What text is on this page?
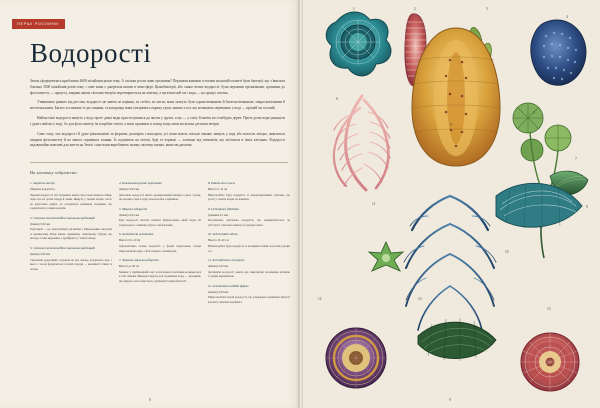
ПЕРШІ РОСЛИНИ
Водорості

Земля сформувалась приблизно 4600 мільйонів років тому. А скільки росли живі організми? Першими живими істотами на нашій планеті були бактерії, що з’явилися близько 3500 мільйонів років тому, і саме вони є джерелом кисню в атмосфері. Ціанобактерії, або синьо-зелені водорості, були першими організмами, здатними до фотосинтезу — процесу, завдяки якому світлова енергія перетворюється на хімічну, а вуглекислий газ і вода — на цукор і кисень.

З’явившись раніше від рослин, водорості не мають ні коріння, ні стебел, ні листя; вони можуть бути одноклітинними й багатоклітинними, мікроскопічними й велетенськими. Багато хто вважає їх рослинами, та насправді вони утворюють окрему групу живих істот, що мешкають переважно у воді — прісній чи солоній.

Найчастіше водорості живуть у воді, проте деякі види пристосувалися до життя у ґрунті, а ще — у снігу й навіть на стовбурах дерев. Проте долю води уникнути і дуже глибоко у воді, бо для фотосинтезу їм потрібне світло, а воно проникає в товщу води лише на кілька десятків метрів.

Саме тому, хоч водорості й дуже різноманітні за формою, розміром і кольором, усі вони мають спільні ознаки: живуть у воді або вологих місцях, живляться завдяки фотосинтезу й не мають справжніх тканин. Їх поділяють на зелені, бурі та червоні — залежно від пігментів, що містяться в їхніх клітинах. Водорості надзвичайно важливі для життя на Землі: саме вони виробляють значну частину кисню, яким ми дихаємо.

На малюнку зображено:
1. Amphiroa anceps
(Червона водорість)
Червоні водорості, або багрянки, мають просочені вапном стінки, через що на дотик тверді й ламкі. Живуть у теплих морях, часто на коралових рифах, де утворюють вапнякові скоринки, що закріплюють уламки коралів.
2. Світлові скелетоподібні черепашки радіолярій
Діаметр 0,02 мм
Радіолярії — це одноклітинні організми з мінеральним скелетом із кремнезему. Вони мають правильну симетричну будову, що нагадує тонке мереживо, і дрейфують у товщі океану.
3. Світлові скелетоподібні черепашки радіолярій
Діаметр 0,02 мм
Скелетики радіолярій, осідаючи на дно океану, утворюють мул, з якого з часом формуються осадові породи — кремнисті глини та опоки.
4. Ізоклінальні рухомі черепашки
Діаметр 0,05 мм
Діатомові водорості мають кремнеземний панцир із двох стулок, що входять одна в одну, мов коробка з кришкою.
5. Морські водорості
Діаметр 0,01 мм
Бурі водорості містять пігмент фукоксантин, який надає їм характерного оливково-бурого забарвлення.
6. Acetabularia acetabulum
Висота 0,5–10 см
Одноклітинна зелена водорість у формі парасольки; попри мікроскопічне ядро, сягає кількох сантиметрів.
7. Червона морська водорість
Висота до 30 см
Мешкає у прибережній зоні; розгалужені пластинки коливаються в такт хвилям. Використовують для отримання агару — речовини, що широко застосовується у кулінарії та мікробіології.
8. Padina-тип слоєм
Висота 5–15 см
Віялоподібна бура водорість із концентричними смугами, що росте у теплих морях на каменях.
9. Licmophora flabellata
Довжина 0,1 мм
Колоніальна діатомова водорість, що прикріплюється до субстрату слизовою ніжкою й утворює віяло.
10. Arthrocladia villosa
Висота 10–40 см
Ниткоподібна бура водорість із кільцями тонких волосків уздовж осі.
11. Arthrodesmus convergens
Діаметр 0,05 мм
Десмідієві водорості мають дві симетричні половинки клітини, з’єднані перемичкою.
12. Acetabularia-подібні форми
Діаметр 0,03 мм
Мікроскопічні зелені водорості, що утворюють правильні зірчасті колонії у прісних водоймах.
8
1	2	3
4
5
6
7
8
9
10
11
12
13
14
9
